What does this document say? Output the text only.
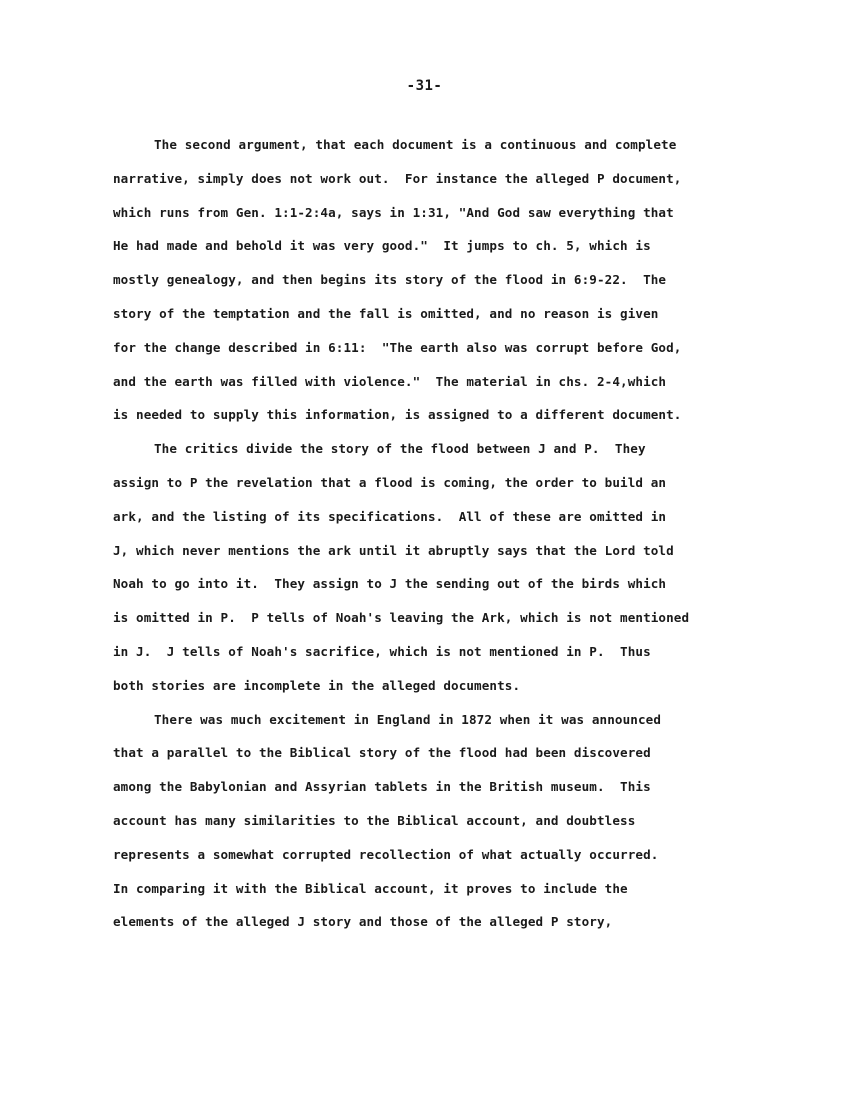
-31-
The second argument, that each document is a continuous and complete
narrative, simply does not work out.  For instance the alleged P document,
which runs from Gen. 1:1-2:4a, says in 1:31, "And God saw everything that
He had made and behold it was very good."  It jumps to ch. 5, which is
mostly genealogy, and then begins its story of the flood in 6:9-22.  The
story of the temptation and the fall is omitted, and no reason is given
for the change described in 6:11:  "The earth also was corrupt before God,
and the earth was filled with violence."  The material in chs. 2-4,which
is needed to supply this information, is assigned to a different document.
The critics divide the story of the flood between J and P.  They
assign to P the revelation that a flood is coming, the order to build an
ark, and the listing of its specifications.  All of these are omitted in
J, which never mentions the ark until it abruptly says that the Lord told
Noah to go into it.  They assign to J the sending out of the birds which
is omitted in P.  P tells of Noah's leaving the Ark, which is not mentioned
in J.  J tells of Noah's sacrifice, which is not mentioned in P.  Thus
both stories are incomplete in the alleged documents.
There was much excitement in England in 1872 when it was announced
that a parallel to the Biblical story of the flood had been discovered
among the Babylonian and Assyrian tablets in the British museum.  This
account has many similarities to the Biblical account, and doubtless
represents a somewhat corrupted recollection of what actually occurred.
In comparing it with the Biblical account, it proves to include the
elements of the alleged J story and those of the alleged P story,
